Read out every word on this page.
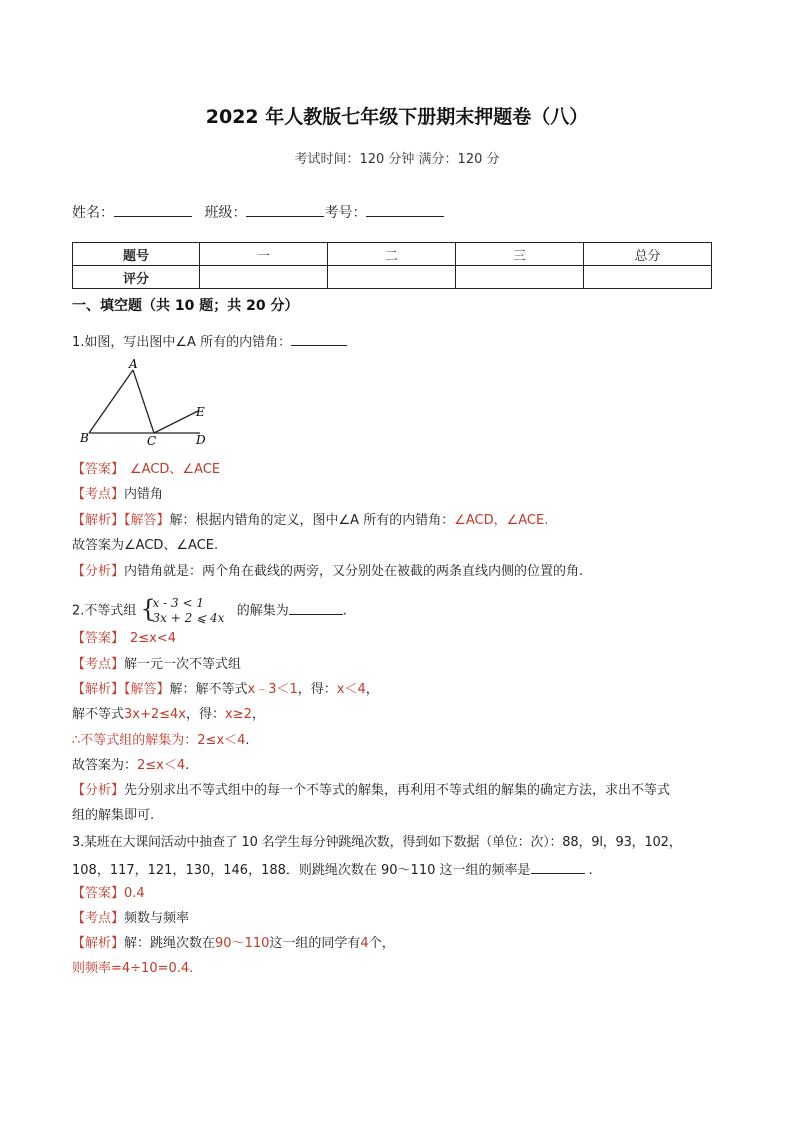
2022 年人教版七年级下册期末押题卷（八）
考试时间：120 分钟 满分：120 分
姓名：	班级：	考号：
题号	一	二	三	总分
评分				
一、填空题（共 10 题；共 20 分）
1.如图，写出图中∠A 所有的内错角：
A
B	C	D
E
【答案】 ∠ACD、∠ACE
【考点】内错角
【解析】【解答】解：根据内错角的定义，图中∠A 所有的内错角：∠ACD，∠ACE.
故答案为∠ACD、∠ACE.
【分析】内错角就是：两个角在截线的两旁，又分别处在被截的两条直线内侧的位置的角.
2.不等式组 {
x - 3 < 1
3x + 2 ⩽ 4x 的解集为	.
【答案】 2≤x<4
【考点】解一元一次不等式组
【解析】【解答】解：解不等式x﹣3＜1，得：x＜4，
解不等式3x+2≤4x，得：x≥2，
∴不等式组的解集为：2≤x＜4.
故答案为：2≤x＜4.
【分析】先分别求出不等式组中的每一个不等式的解集，再利用不等式组的解集的确定方法，求出不等式
组的解集即可.
3.某班在大课间活动中抽查了 10 名学生每分钟跳绳次数，得到如下数据（单位：次）：88，9l，93，102，
108，117，121，130，146，188．则跳绳次数在 90～110 这一组的频率是	.
【答案】0.4
【考点】频数与频率
【解析】解：跳绳次数在90～110这一组的同学有4个，
则频率=4÷10=0.4.
